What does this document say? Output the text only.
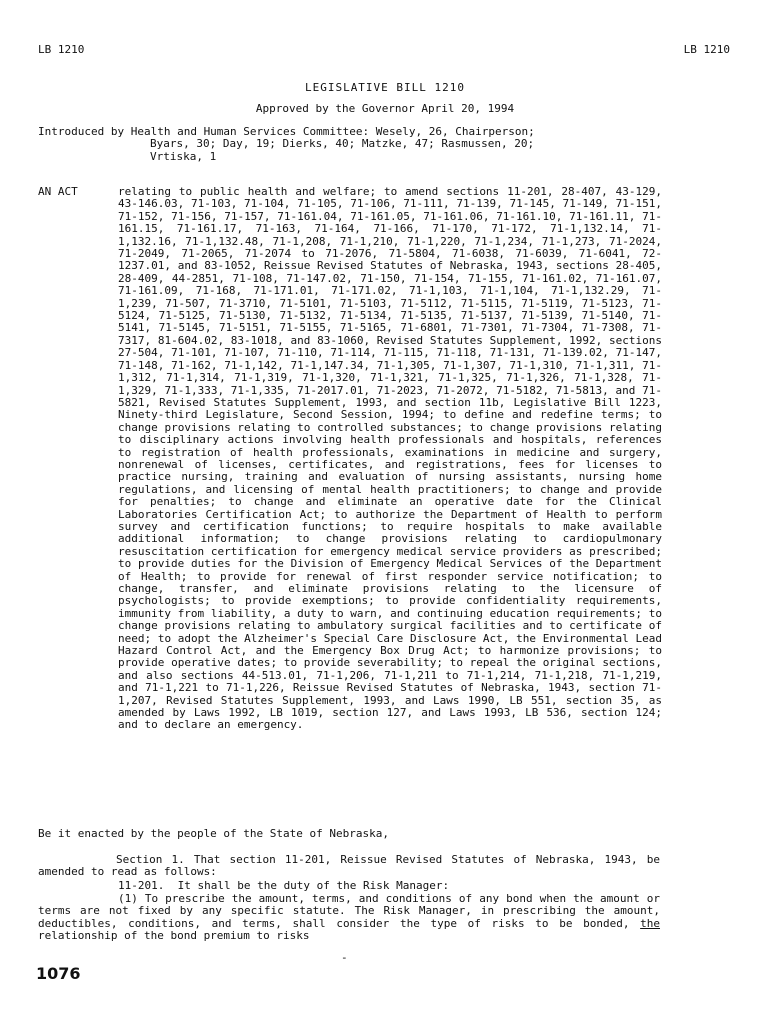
LB 1210	LB 1210
LEGISLATIVE BILL 1210
Approved by the Governor April 20, 1994
Introduced by Health and Human Services Committee: Wesely, 26, Chairperson;
Byars, 30; Day, 19; Dierks, 40; Matzke, 47; Rasmussen, 20;
Vrtiska, 1
AN ACT	relating to public health and welfare; to amend sections 11-201, 28-407, 43-129, 43-146.03, 71-103, 71-104, 71-105, 71-106, 71-111, 71-139, 71-145, 71-149, 71-151, 71-152, 71-156, 71-157, 71-161.04, 71-161.05, 71-161.06, 71-161.10, 71-161.11, 71-161.15, 71-161.17, 71-163, 71-164, 71-166, 71-170, 71-172, 71-1,132.14, 71-1,132.16, 71-1,132.48, 71-1,208, 71-1,210, 71-1,220, 71-1,234, 71-1,273, 71-2024, 71-2049, 71-2065, 71-2074 to 71-2076, 71-5804, 71-6038, 71-6039, 71-6041, 72-1237.01, and 83-1052, Reissue Revised Statutes of Nebraska, 1943, sections 28-405, 28-409, 44-2851, 71-108, 71-147.02, 71-150, 71-154, 71-155, 71-161.02, 71-161.07, 71-161.09, 71-168, 71-171.01, 71-171.02, 71-1,103, 71-1,104, 71-1,132.29, 71-1,239, 71-507, 71-3710, 71-5101, 71-5103, 71-5112, 71-5115, 71-5119, 71-5123, 71-5124, 71-5125, 71-5130, 71-5132, 71-5134, 71-5135, 71-5137, 71-5139, 71-5140, 71-5141, 71-5145, 71-5151, 71-5155, 71-5165, 71-6801, 71-7301, 71-7304, 71-7308, 71-7317, 81-604.02, 83-1018, and 83-1060, Revised Statutes Supplement, 1992, sections 27-504, 71-101, 71-107, 71-110, 71-114, 71-115, 71-118, 71-131, 71-139.02, 71-147, 71-148, 71-162, 71-1,142, 71-1,147.34, 71-1,305, 71-1,307, 71-1,310, 71-1,311, 71-1,312, 71-1,314, 71-1,319, 71-1,320, 71-1,321, 71-1,325, 71-1,326, 71-1,328, 71-1,329, 71-1,333, 71-1,335, 71-2017.01, 71-2023, 71-2072, 71-5182, 71-5813, and 71-5821, Revised Statutes Supplement, 1993, and section 11b, Legislative Bill 1223, Ninety-third Legislature, Second Session, 1994; to define and redefine terms; to change provisions relating to controlled substances; to change provisions relating to disciplinary actions involving health professionals and hospitals, references to registration of health professionals, examinations in medicine and surgery, nonrenewal of licenses, certificates, and registrations, fees for licenses to practice nursing, training and evaluation of nursing assistants, nursing home regulations, and licensing of mental health practitioners; to change and provide for penalties; to change and eliminate an operative date for the Clinical Laboratories Certification Act; to authorize the Department of Health to perform survey and certification functions; to require hospitals to make available additional information; to change provisions relating to cardiopulmonary resuscitation certification for emergency medical service providers as prescribed; to provide duties for the Division of Emergency Medical Services of the Department of Health; to provide for renewal of first responder service notification; to change, transfer, and eliminate provisions relating to the licensure of psychologists; to provide exemptions; to provide confidentiality requirements, immunity from liability, a duty to warn, and continuing education requirements; to change provisions relating to ambulatory surgical facilities and to certificate of need; to adopt the Alzheimer's Special Care Disclosure Act, the Environmental Lead Hazard Control Act, and the Emergency Box Drug Act; to harmonize provisions; to provide operative dates; to provide severability; to repeal the original sections, and also sections 44-513.01, 71-1,206, 71-1,211 to 71-1,214, 71-1,218, 71-1,219, and 71-1,221 to 71-1,226, Reissue Revised Statutes of Nebraska, 1943, section 71-1,207, Revised Statutes Supplement, 1993, and Laws 1990, LB 551, section 35, as amended by Laws 1992, LB 1019, section 127, and Laws 1993, LB 536, section 124; and to declare an emergency.
Be it enacted by the people of the State of Nebraska,
Section 1. That section 11-201, Reissue Revised Statutes of Nebraska, 1943, be amended to read as follows:
11-201.  It shall be the duty of the Risk Manager:
(1) To prescribe the amount, terms, and conditions of any bond when the amount or terms are not fixed by any specific statute. The Risk Manager, in prescribing the amount, deductibles, conditions, and terms, shall consider the type of risks to be bonded, the relationship of the bond premium to risks
-
1076
